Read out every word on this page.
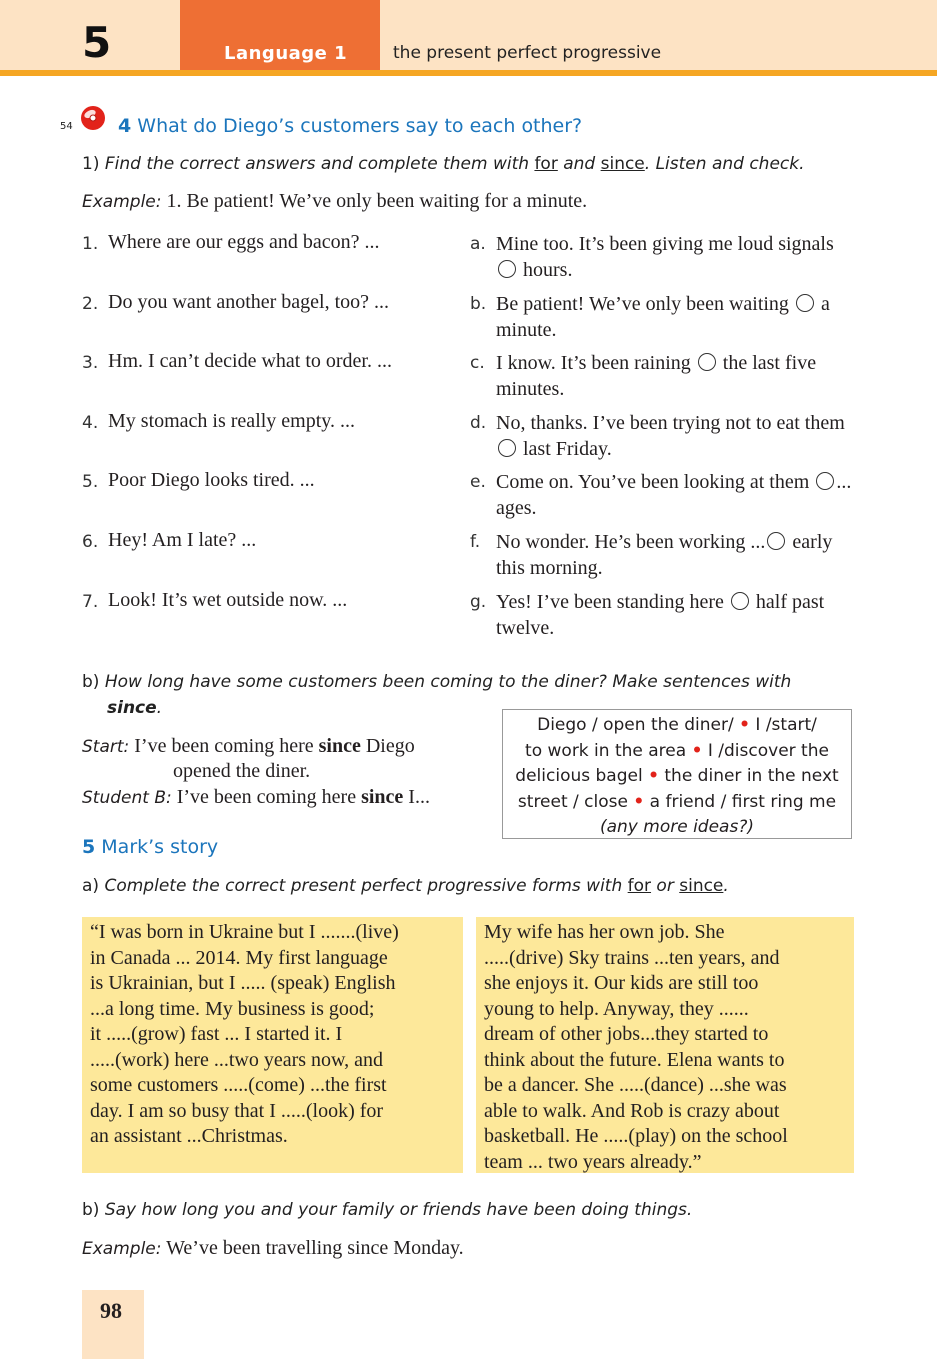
5	Language 1	the present perfect progressive
54 4 What do Diego’s customers say to each other?
1) Find the correct answers and complete them with for and since. Listen and check.
Example: 1. Be patient! We’ve only been waiting for a minute.
1. Where are our eggs and bacon? ...
2. Do you want another bagel, too? ...
3. Hm. I can’t decide what to order. ...
4. My stomach is really empty. ...
5. Poor Diego looks tired. ...
6. Hey! Am I late? ...
7. Look! It’s wet outside now. ...
a. Mine too. It’s been giving me loud signals  hours.
b. Be patient! We’ve only been waiting  a minute.
c. I know. It’s been raining  the last five minutes.
d. No, thanks. I’ve been trying not to eat them  last Friday.
e. Come on. You’ve been looking at them ... ages.
f. No wonder. He’s been working ... early this morning.
g. Yes! I’ve been standing here  half past twelve.
b) How long have some customers been coming to the diner? Make sentences with
since.
Start: I’ve been coming here since Diego
opened the diner.
Student B: I’ve been coming here since I...
Diego / open the diner/ • I /start/
to work in the area • I /discover the
delicious bagel • the diner in the next
street / close • a friend / first ring me
(any more ideas?)
5 Mark’s story
a) Complete the correct present perfect progressive forms with for or since.

“I was born in Ukraine but I .......(live)

in Canada ... 2014. My first language

is Ukrainian, but I ..... (speak) English

...a long time. My business is good;

it .....(grow) fast ... I started it. I

.....(work) here ...two years now, and

some customers .....(come) ...the first

day. I am so busy that I .....(look) for

an assistant ...Christmas.

My wife has her own job. She

.....(drive) Sky trains ...ten years, and

she enjoys it. Our kids are still too

young to help. Anyway, they ......

dream of other jobs...they started to

think about the future. Elena wants to

be a dancer. She .....(dance) ...she was

able to walk. And Rob is crazy about

basketball. He .....(play) on the school

team ... two years already.”

b) Say how long you and your family or friends have been doing things.
Example: We’ve been travelling since Monday.
98
